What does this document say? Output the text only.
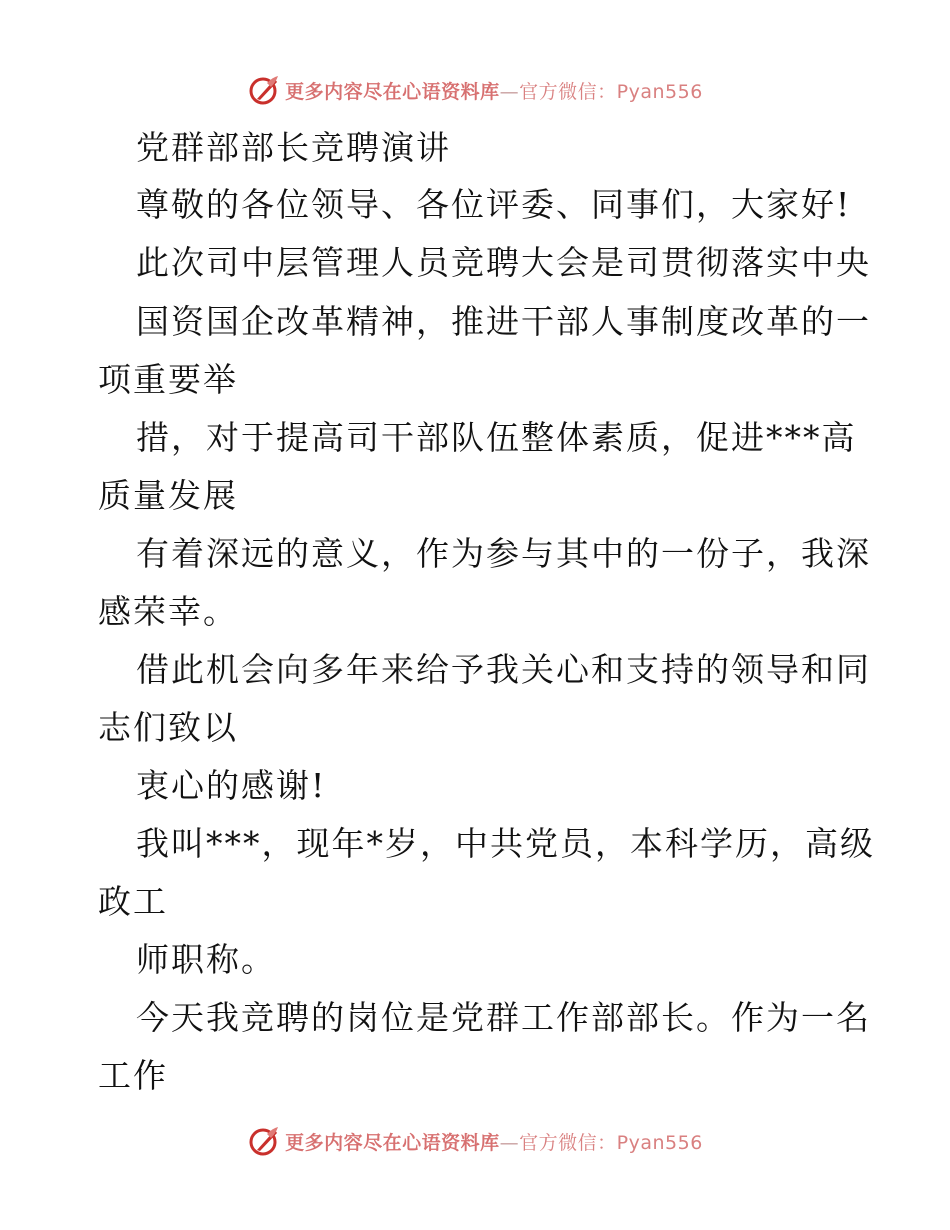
更多内容尽在心语资料库—官方微信：Pyan556
党群部部长竞聘演讲
尊敬的各位领导、各位评委、同事们，大家好!
此次司中层管理人员竞聘大会是司贯彻落实中央
国资国企改革精神，推进干部人事制度改革的一
项重要举
措，对于提高司干部队伍整体素质，促进***高
质量发展
有着深远的意义，作为参与其中的一份子，我深
感荣幸。
借此机会向多年来给予我关心和支持的领导和同
志们致以
衷心的感谢!
我叫***，现年*岁，中共党员，本科学历，高级
政工
师职称。
今天我竞聘的岗位是党群工作部部长。作为一名
工作
更多内容尽在心语资料库—官方微信：Pyan556
